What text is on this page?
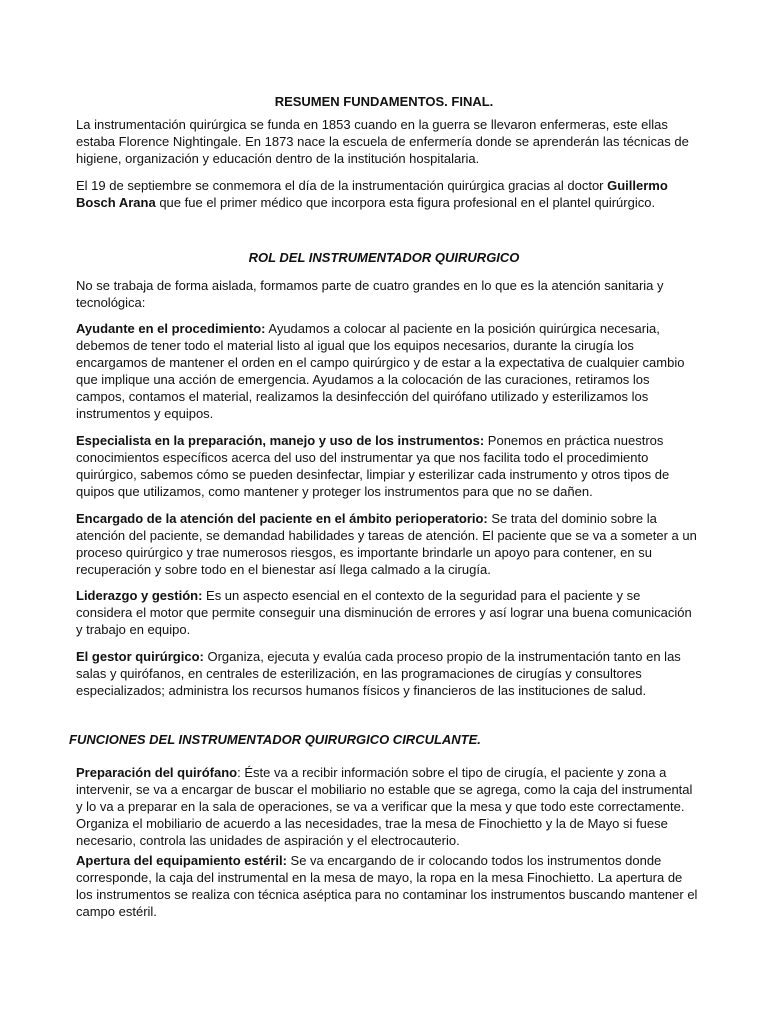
RESUMEN FUNDAMENTOS. FINAL.

La instrumentación quirúrgica se funda en 1853 cuando en la guerra se llevaron enfermeras, este ellas estaba Florence Nightingale. En 1873 nace la escuela de enfermería donde se aprenderán las técnicas de higiene, organización y educación dentro de la institución hospitalaria.

El 19 de septiembre se conmemora el día de la instrumentación quirúrgica gracias al doctor Guillermo Bosch Arana que fue el primer médico que incorpora esta figura profesional en el plantel quirúrgico.

ROL DEL INSTRUMENTADOR QUIRURGICO

No se trabaja de forma aislada, formamos parte de cuatro grandes en lo que es la atención sanitaria y tecnológica:

Ayudante en el procedimiento: Ayudamos a colocar al paciente en la posición quirúrgica necesaria, debemos de tener todo el material listo al igual que los equipos necesarios, durante la cirugía los encargamos de mantener el orden en el campo quirúrgico y de estar a la expectativa de cualquier cambio que implique una acción de emergencia. Ayudamos a la colocación de las curaciones, retiramos los campos, contamos el material, realizamos la desinfección del quirófano utilizado y esterilizamos los instrumentos y equipos.

Especialista en la preparación, manejo y uso de los instrumentos: Ponemos en práctica nuestros conocimientos específicos acerca del uso del instrumentar ya que nos facilita todo el procedimiento quirúrgico, sabemos cómo se pueden desinfectar, limpiar y esterilizar cada instrumento y otros tipos de quipos que utilizamos, como mantener y proteger los instrumentos para que no se dañen.

Encargado de la atención del paciente en el ámbito perioperatorio: Se trata del dominio sobre la atención del paciente, se demandad habilidades y tareas de atención. El paciente que se va a someter a un proceso quirúrgico y trae numerosos riesgos, es importante brindarle un apoyo para contener, en su recuperación y sobre todo en el bienestar así llega calmado a la cirugía.

Liderazgo y gestión: Es un aspecto esencial en el contexto de la seguridad para el paciente y se considera el motor que permite conseguir una disminución de errores y así lograr una buena comunicación y trabajo en equipo.

El gestor quirúrgico: Organiza, ejecuta y evalúa cada proceso propio de la instrumentación tanto en las salas y quirófanos, en centrales de esterilización, en las programaciones de cirugías y consultores especializados; administra los recursos humanos físicos y financieros de las instituciones de salud.

FUNCIONES DEL INSTRUMENTADOR QUIRURGICO CIRCULANTE.

Preparación del quirófano: Éste va a recibir información sobre el tipo de cirugía, el paciente y zona a intervenir, se va a encargar de buscar el mobiliario no estable que se agrega, como la caja del instrumental y lo va a preparar en la sala de operaciones, se va a verificar que la mesa y que todo este correctamente. Organiza el mobiliario de acuerdo a las necesidades, trae la mesa de Finochietto y la de Mayo si fuese necesario, controla las unidades de aspiración y el electrocauterio.

Apertura del equipamiento estéril: Se va encargando de ir colocando todos los instrumentos donde corresponde, la caja del instrumental en la mesa de mayo, la ropa en la mesa Finochietto. La apertura de los instrumentos se realiza con técnica aséptica para no contaminar los instrumentos buscando mantener el campo estéril.
